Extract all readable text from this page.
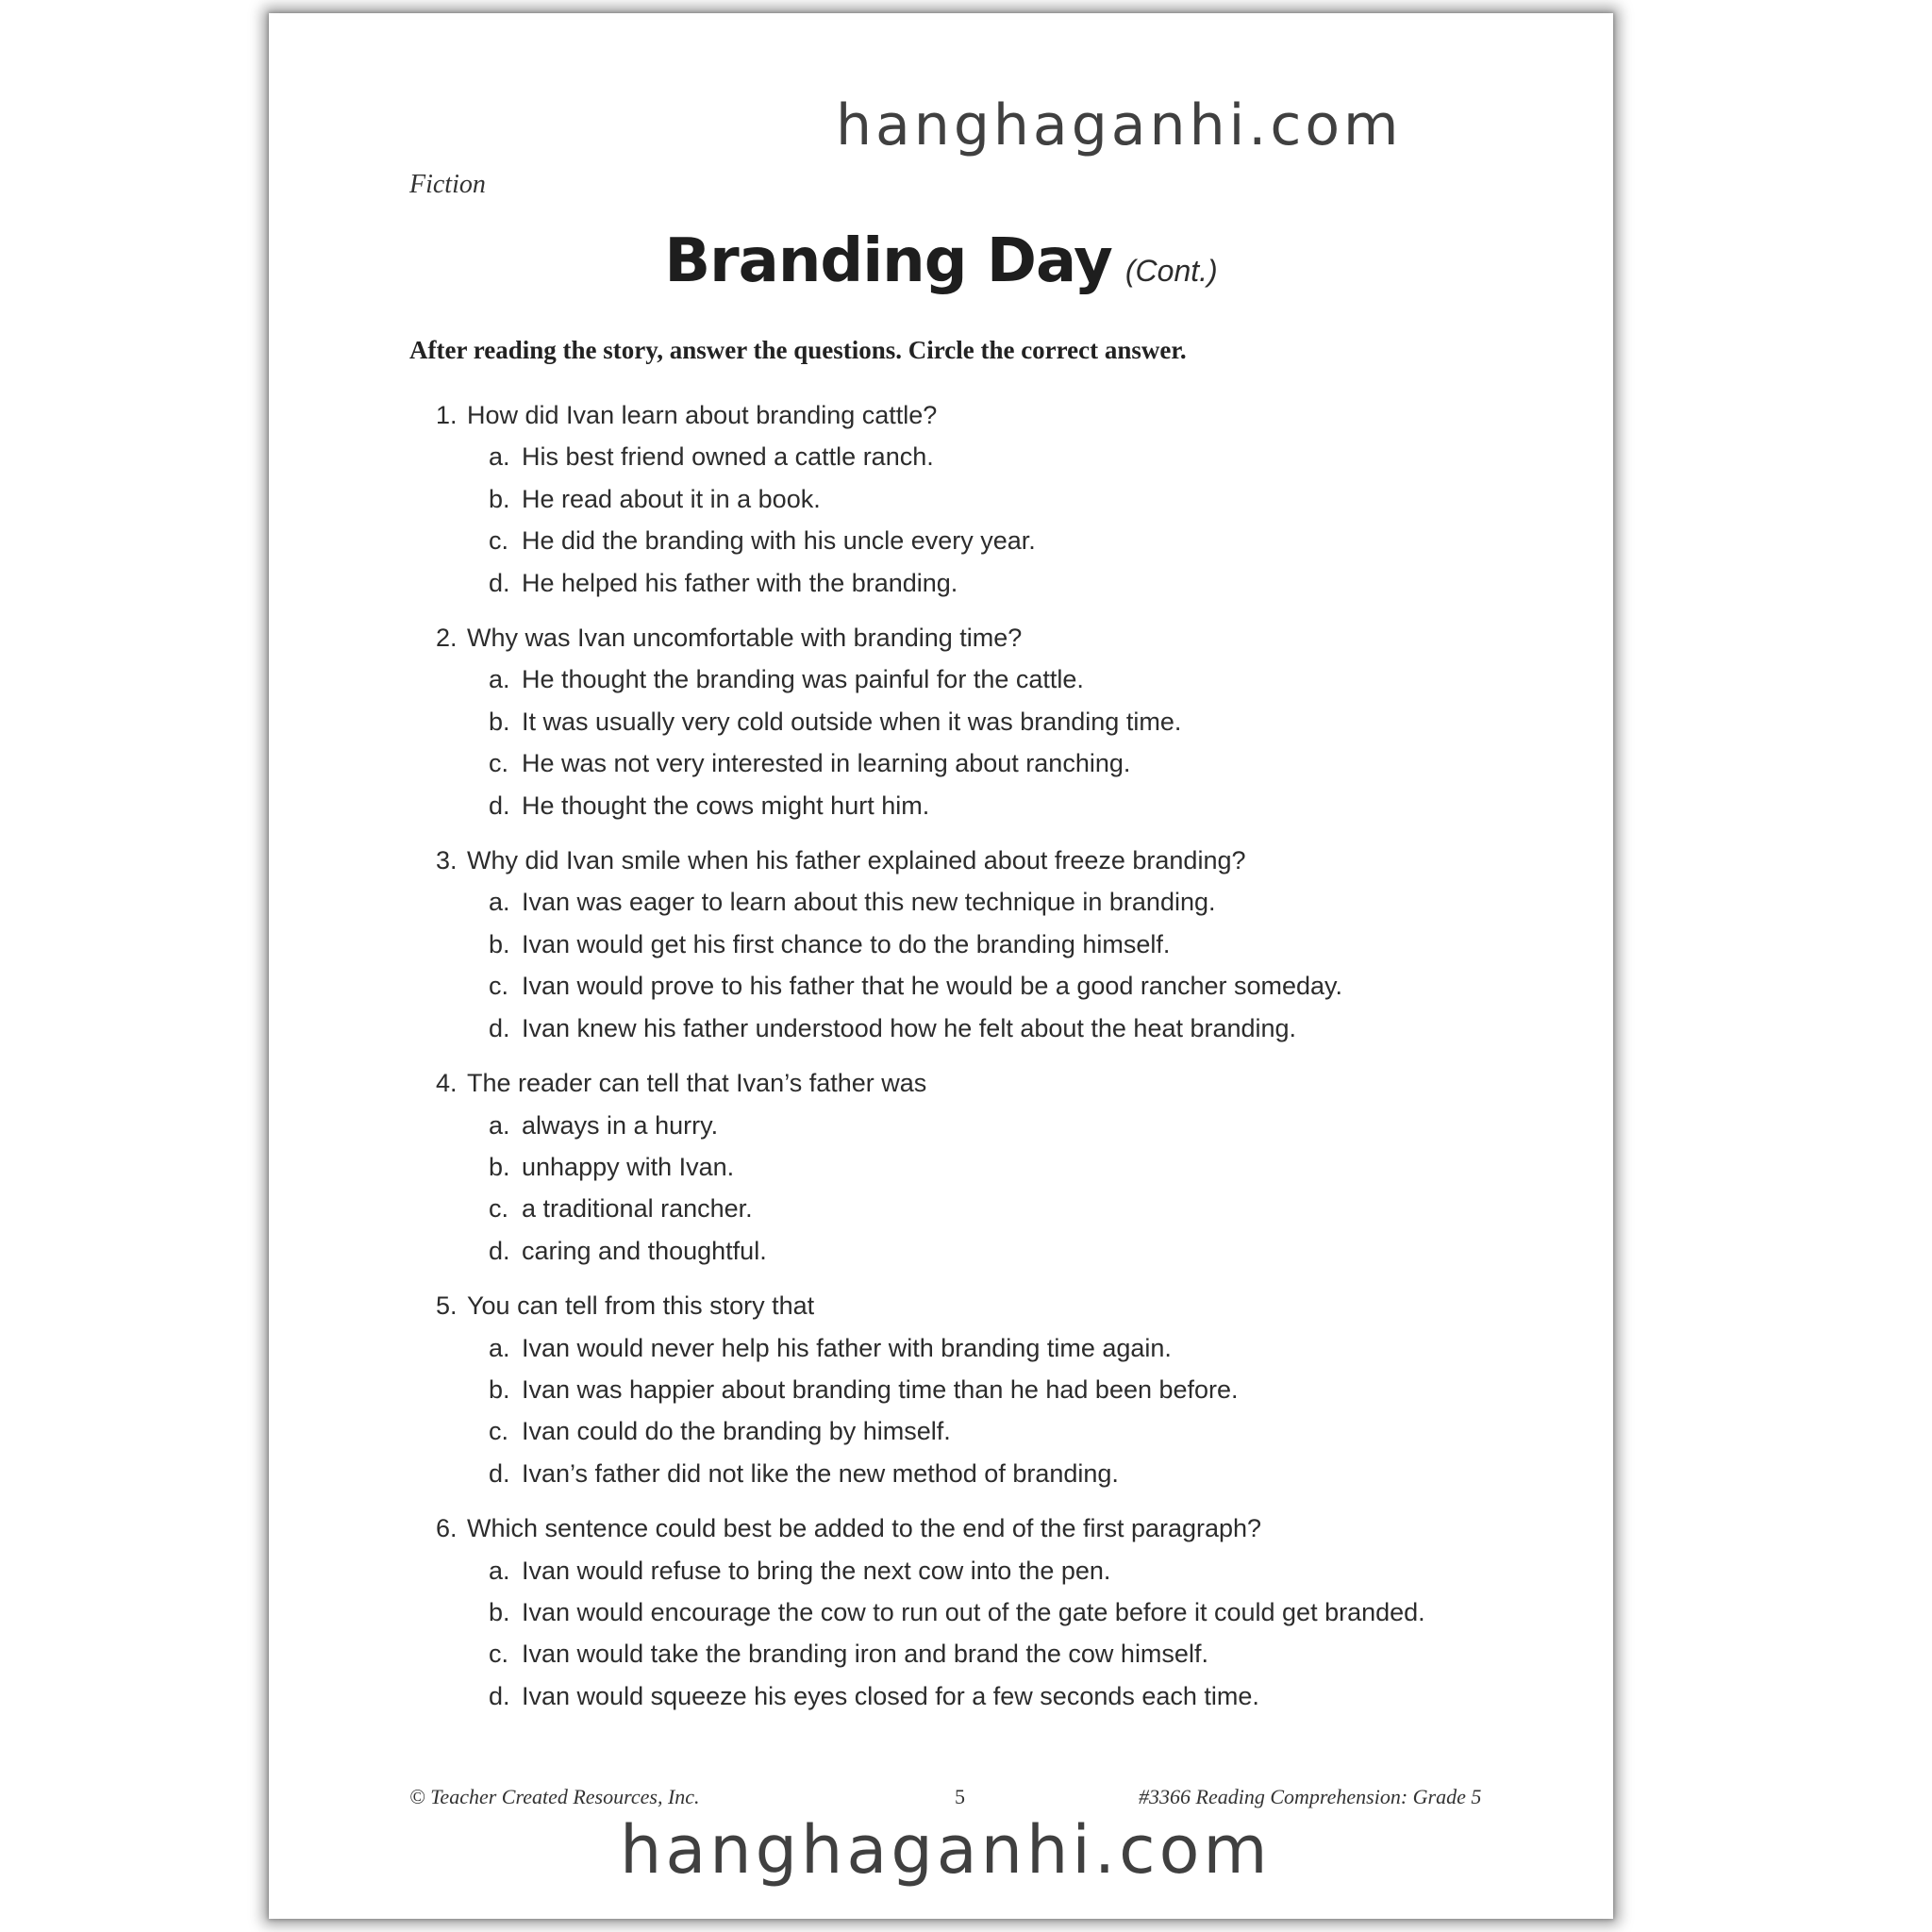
hanghaganhi.com
Fiction
Branding Day (Cont.)
After reading the story, answer the questions. Circle the correct answer.
1. How did Ivan learn about branding cattle?
a. His best friend owned a cattle ranch.
b. He read about it in a book.
c. He did the branding with his uncle every year.
d. He helped his father with the branding.
2. Why was Ivan uncomfortable with branding time?
a. He thought the branding was painful for the cattle.
b. It was usually very cold outside when it was branding time.
c. He was not very interested in learning about ranching.
d. He thought the cows might hurt him.
3. Why did Ivan smile when his father explained about freeze branding?
a. Ivan was eager to learn about this new technique in branding.
b. Ivan would get his first chance to do the branding himself.
c. Ivan would prove to his father that he would be a good rancher someday.
d. Ivan knew his father understood how he felt about the heat branding.
4. The reader can tell that Ivan’s father was
a. always in a hurry.
b. unhappy with Ivan.
c. a traditional rancher.
d. caring and thoughtful.
5. You can tell from this story that
a. Ivan would never help his father with branding time again.
b. Ivan was happier about branding time than he had been before.
c. Ivan could do the branding by himself.
d. Ivan’s father did not like the new method of branding.
6. Which sentence could best be added to the end of the first paragraph?
a. Ivan would refuse to bring the next cow into the pen.
b. Ivan would encourage the cow to run out of the gate before it could get branded.
c. Ivan would take the branding iron and brand the cow himself.
d. Ivan would squeeze his eyes closed for a few seconds each time.
© Teacher Created Resources, Inc.	5	#3366 Reading Comprehension: Grade 5
hanghaganhi.com
